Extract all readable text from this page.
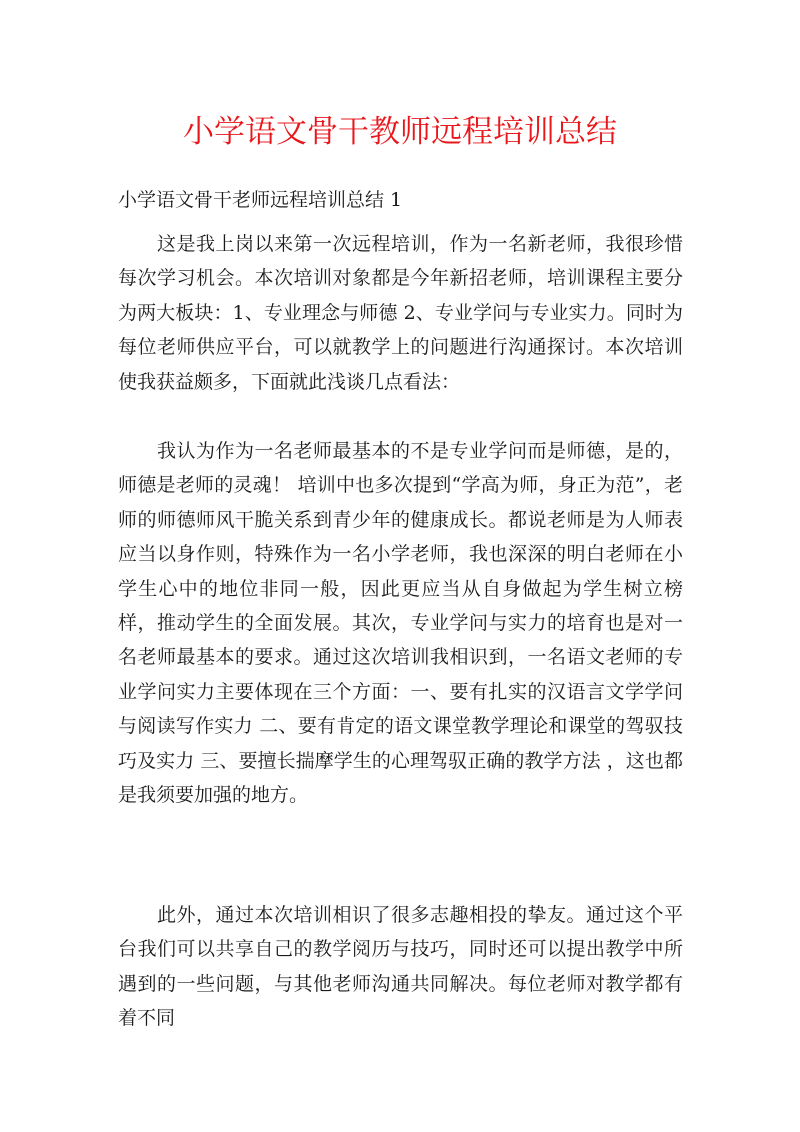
小学语文骨干教师远程培训总结
小学语文骨干老师远程培训总结 1

这是我上岗以来第一次远程培训，作为一名新老师，我很珍惜每次学习机会。本次培训对象都是今年新招老师，培训课程主要分为两大板块：1、专业理念与师德 2、专业学问与专业实力。同时为每位老师供应平台，可以就教学上的问题进行沟通探讨。本次培训使我获益颇多，下面就此浅谈几点看法：

我认为作为一名老师最基本的不是专业学问而是师德，是的，师德是老师的灵魂！ 培训中也多次提到“学高为师，身正为范”，老师的师德师风干脆关系到青少年的健康成长。都说老师是为人师表应当以身作则，特殊作为一名小学老师，我也深深的明白老师在小学生心中的地位非同一般，因此更应当从自身做起为学生树立榜样，推动学生的全面发展。其次，专业学问与实力的培育也是对一名老师最基本的要求。通过这次培训我相识到，一名语文老师的专业学问实力主要体现在三个方面：一、要有扎实的汉语言文学学问与阅读写作实力 二、要有肯定的语文课堂教学理论和课堂的驾驭技巧及实力 三、要擅长揣摩学生的心理驾驭正确的教学方法 ，这也都是我须要加强的地方。

此外，通过本次培训相识了很多志趣相投的挚友。通过这个平台我们可以共享自己的教学阅历与技巧，同时还可以提出教学中所遇到的一些问题，与其他老师沟通共同解决。每位老师对教学都有着不同
